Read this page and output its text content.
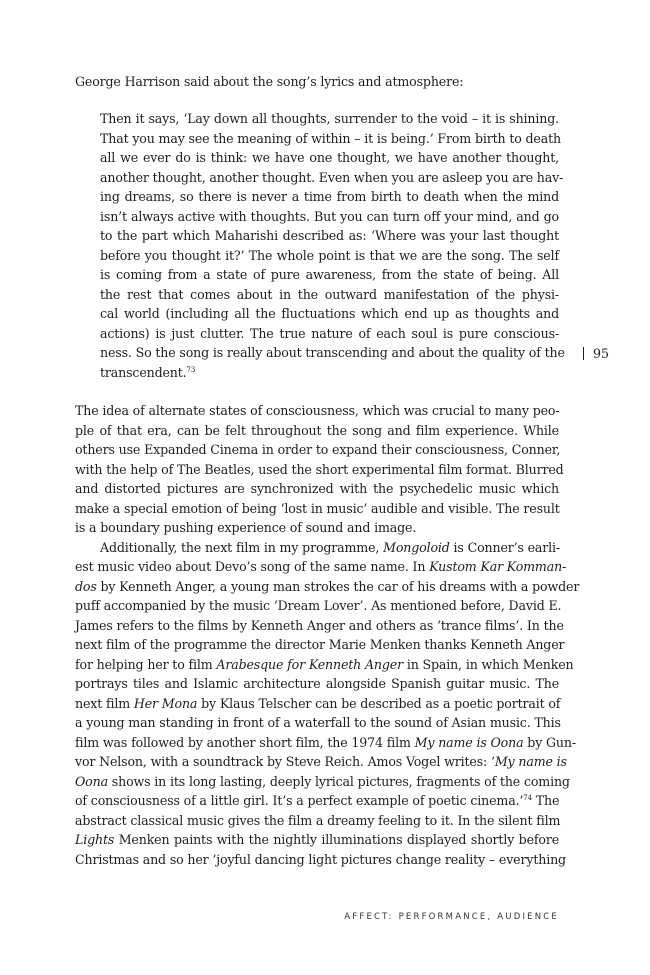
George Harrison said about the song’s lyrics and atmosphere:
Then it says, ‘Lay down all thoughts, surrender to the void – it is shining.
That you may see the meaning of within – it is being.’ From birth to death
all we ever do is think: we have one thought, we have another thought,
another thought, another thought. Even when you are asleep you are hav-
ing dreams, so there is never a time from birth to death when the mind
isn’t always active with thoughts. But you can turn off your mind, and go
to the part which Maharishi described as: ‘Where was your last thought
before you thought it?’ The whole point is that we are the song. The self
is coming from a state of pure awareness, from the state of being. All
the rest that comes about in the outward manifestation of the physi-
cal world (including all the fluctuations which end up as thoughts and
actions) is just clutter. The true nature of each soul is pure conscious-
ness. So the song is really about transcending and about the quality of the
transcendent.$^{73}$
The idea of alternate states of consciousness, which was crucial to many peo-
ple of that era, can be felt throughout the song and film experience. While
others use Expanded Cinema in order to expand their consciousness, Conner,
with the help of The Beatles, used the short experimental film format. Blurred
and distorted pictures are synchronized with the psychedelic music which
make a special emotion of being ‘lost in music’ audible and visible. The result
is a boundary pushing experience of sound and image.
Additionally, the next film in my programme, Mongoloid is Conner’s earli-
est music video about Devo’s song of the same name. In Kustom Kar Komman-
dos by Kenneth Anger, a young man strokes the car of his dreams with a powder
puff accompanied by the music ‘Dream Lover’. As mentioned before, David E.
James refers to the films by Kenneth Anger and others as ‘trance films’. In the
next film of the programme the director Marie Menken thanks Kenneth Anger
for helping her to film Arabesque for Kenneth Anger in Spain, in which Menken
portrays tiles and Islamic architecture alongside Spanish guitar music. The
next film Her Mona by Klaus Telscher can be described as a poetic portrait of
a young man standing in front of a waterfall to the sound of Asian music. This
film was followed by another short film, the 1974 film My name is Oona by Gun-
vor Nelson, with a soundtrack by Steve Reich. Amos Vogel writes: ‘My name is
Oona shows in its long lasting, deeply lyrical pictures, fragments of the coming
of consciousness of a little girl. It’s a perfect example of poetic cinema.’$^{74}$ The
abstract classical music gives the film a dreamy feeling to it. In the silent film
Lights Menken paints with the nightly illuminations displayed shortly before
Christmas and so her ‘joyful dancing light pictures change reality – everything
95
AFFECT: PERFORMANCE, AUDIENCE
